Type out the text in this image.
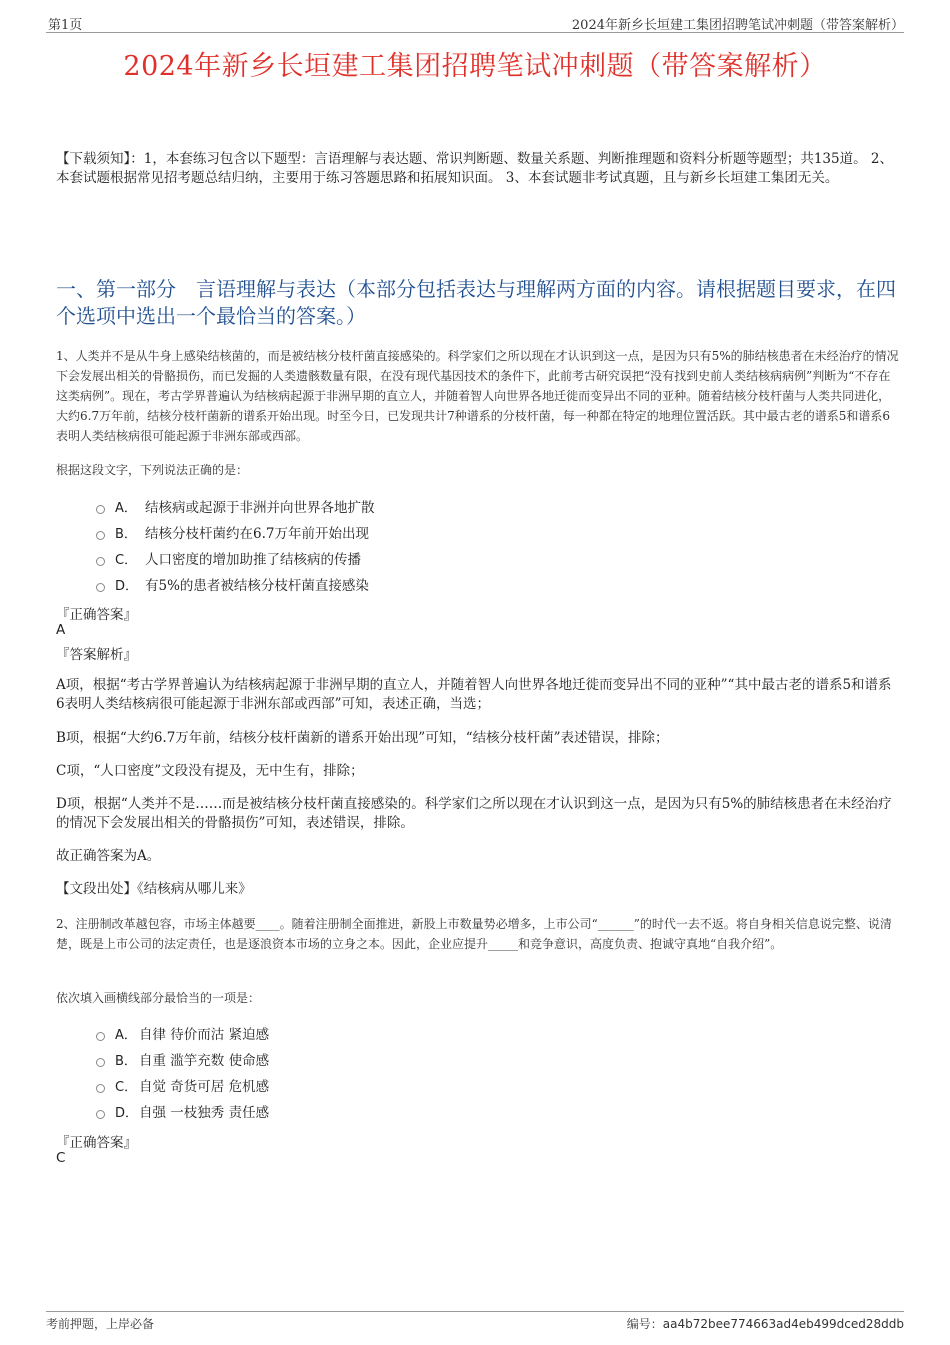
第1页	2024年新乡长垣建工集团招聘笔试冲刺题（带答案解析）
2024年新乡长垣建工集团招聘笔试冲刺题（带答案解析）
【下载须知】：1，本套练习包含以下题型：言语理解与表达题、常识判断题、数量关系题、判断推理题和资料分析题等题型；共135道。 2、本套试题根据常见招考题总结归纳，主要用于练习答题思路和拓展知识面。 3、本套试题非考试真题，且与新乡长垣建工集团无关。
一、第一部分　言语理解与表达（本部分包括表达与理解两方面的内容。请根据题目要求，在四个选项中选出一个最恰当的答案。）
1、人类并不是从牛身上感染结核菌的，而是被结核分枝杆菌直接感染的。科学家们之所以现在才认识到这一点，是因为只有5%的肺结核患者在未经治疗的情况下会发展出相关的骨骼损伤，而已发掘的人类遗骸数量有限，在没有现代基因技术的条件下，此前考古研究误把“没有找到史前人类结核病病例”判断为“不存在这类病例”。现在，考古学界普遍认为结核病起源于非洲早期的直立人，并随着智人向世界各地迁徙而变异出不同的亚种。随着结核分枝杆菌与人类共同进化，大约6.7万年前，结核分枝杆菌新的谱系开始出现。时至今日，已发现共计7种谱系的分枝杆菌，每一种都在特定的地理位置活跃。其中最古老的谱系5和谱系6表明人类结核病很可能起源于非洲东部或西部。
根据这段文字，下列说法正确的是：
A． 结核病或起源于非洲并向世界各地扩散
B． 结核分枝杆菌约在6.7万年前开始出现
C． 人口密度的增加助推了结核病的传播
D． 有5%的患者被结核分枝杆菌直接感染
『正确答案』
A
『答案解析』
A项，根据“考古学界普遍认为结核病起源于非洲早期的直立人，并随着智人向世界各地迁徙而变异出不同的亚种”“其中最古老的谱系5和谱系6表明人类结核病很可能起源于非洲东部或西部”可知，表述正确，当选；
B项，根据“大约6.7万年前，结核分枝杆菌新的谱系开始出现”可知，“结核分枝杆菌”表述错误，排除；
C项，“人口密度”文段没有提及，无中生有，排除；
D项，根据“人类并不是……而是被结核分枝杆菌直接感染的。科学家们之所以现在才认识到这一点，是因为只有5%的肺结核患者在未经治疗的情况下会发展出相关的骨骼损伤”可知，表述错误，排除。
故正确答案为A。
【文段出处】《结核病从哪儿来》
2、注册制改革越包容，市场主体越要____。随着注册制全面推进，新股上市数量势必增多，上市公司“______”的时代一去不返。将自身相关信息说完整、说清楚，既是上市公司的法定责任，也是逐浪资本市场的立身之本。因此，企业应提升_____和竞争意识，高度负责、抱诚守真地“自我介绍”。
依次填入画横线部分最恰当的一项是：
A． 自律 待价而沽 紧迫感
B． 自重 滥竽充数 使命感
C． 自觉 奇货可居 危机感
D． 自强 一枝独秀 责任感
『正确答案』
C
考前押题，上岸必备	编号：aa4b72bee774663ad4eb499dced28ddb
